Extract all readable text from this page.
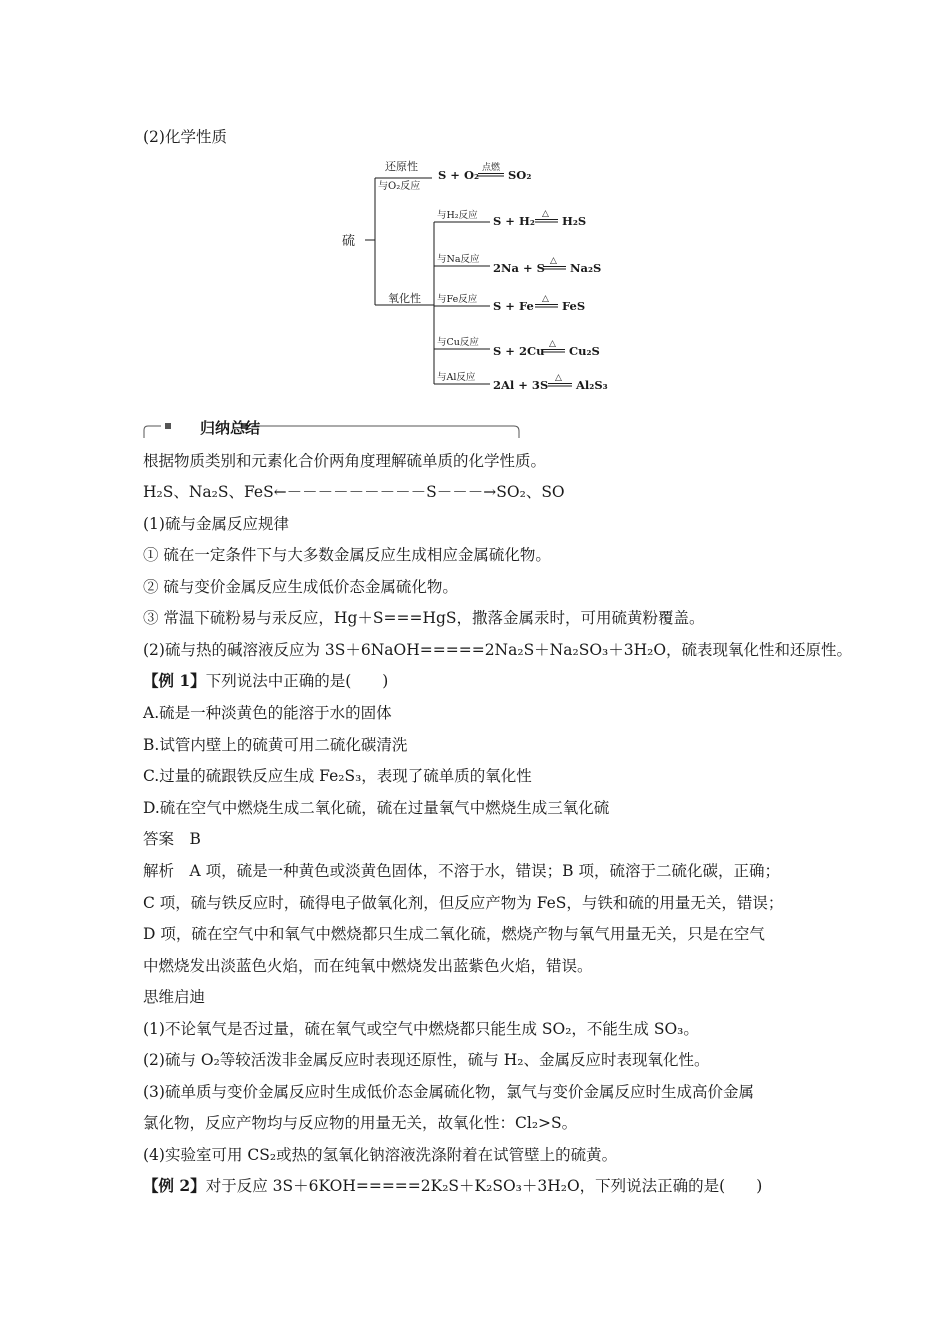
(2)化学性质
硫
还原性
与O₂反应
氧化性
与H₂反应
与Na反应
与Fe反应
与Cu反应
与Al反应
S + O₂ 点燃 SO₂
S + H₂ △ H₂S
2Na + S △ Na₂S
S + Fe △ FeS
S + 2Cu △ Cu₂S
2Al + 3S △ Al₂S₃
归纳总结
根据物质类别和元素化合价两角度理解硫单质的化学性质。
H₂S、Na₂S、FeS←－－－－－－－－－S－－－→SO₂、SO
(1)硫与金属反应规律
① 硫在一定条件下与大多数金属反应生成相应金属硫化物。
② 硫与变价金属反应生成低价态金属硫化物。
③ 常温下硫粉易与汞反应，Hg＋S===HgS，撒落金属汞时，可用硫黄粉覆盖。
(2)硫与热的碱溶液反应为 3S＋6NaOH=====2Na₂S＋Na₂SO₃＋3H₂O，硫表现氧化性和还原性。
【例 1】下列说法中正确的是(　　)
A.硫是一种淡黄色的能溶于水的固体
B.试管内壁上的硫黄可用二硫化碳清洗
C.过量的硫跟铁反应生成 Fe₂S₃，表现了硫单质的氧化性
D.硫在空气中燃烧生成二氧化硫，硫在过量氧气中燃烧生成三氧化硫
答案　B
解析　A 项，硫是一种黄色或淡黄色固体，不溶于水，错误；B 项，硫溶于二硫化碳，正确；
C 项，硫与铁反应时，硫得电子做氧化剂，但反应产物为 FeS，与铁和硫的用量无关，错误；
D 项，硫在空气中和氧气中燃烧都只生成二氧化硫，燃烧产物与氧气用量无关，只是在空气
中燃烧发出淡蓝色火焰，而在纯氧中燃烧发出蓝紫色火焰，错误。
思维启迪
(1)不论氧气是否过量，硫在氧气或空气中燃烧都只能生成 SO₂，不能生成 SO₃。
(2)硫与 O₂等较活泼非金属反应时表现还原性，硫与 H₂、金属反应时表现氧化性。
(3)硫单质与变价金属反应时生成低价态金属硫化物，氯气与变价金属反应时生成高价金属
氯化物，反应产物均与反应物的用量无关，故氧化性：Cl₂>S。
(4)实验室可用 CS₂或热的氢氧化钠溶液洗涤附着在试管壁上的硫黄。
【例 2】对于反应 3S＋6KOH=====2K₂S＋K₂SO₃＋3H₂O，下列说法正确的是(　　)
